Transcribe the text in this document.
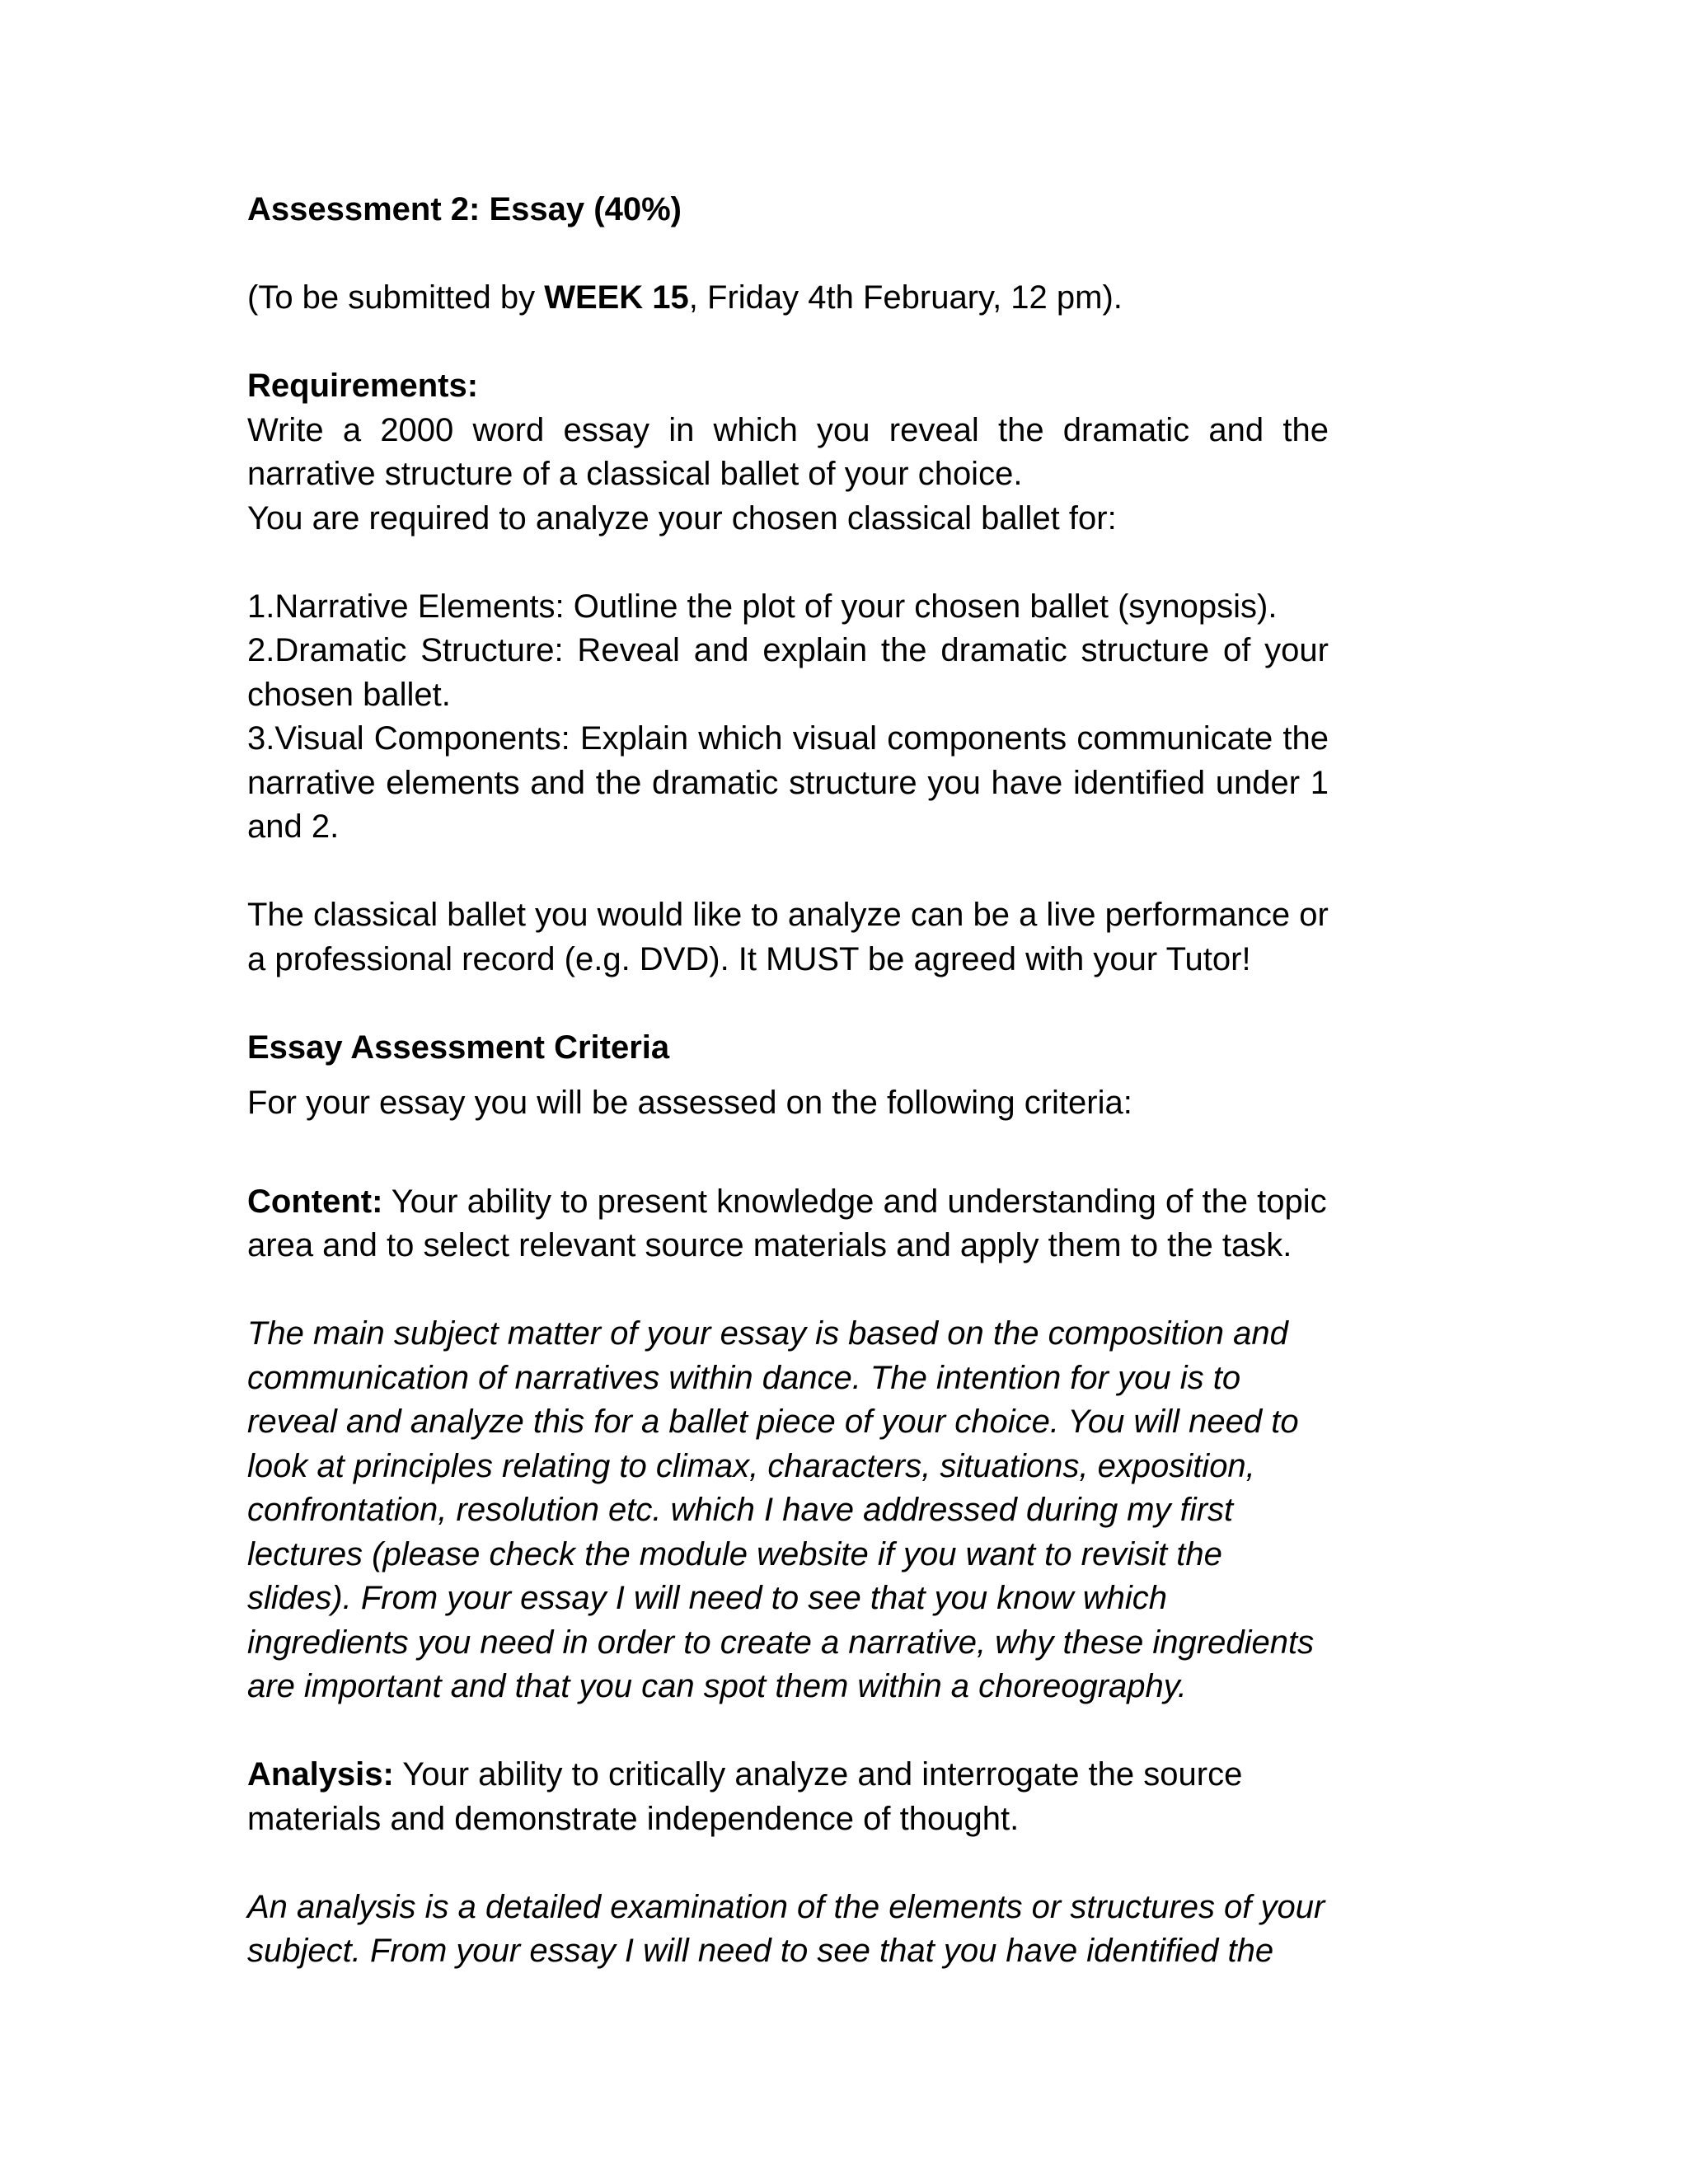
Assessment 2: Essay (40%)

(To be submitted by WEEK 15, Friday 4th February, 12 pm).

Requirements:

Write a 2000 word essay in which you reveal the dramatic and the narrative structure of a classical ballet of your choice.

You are required to analyze your chosen classical ballet for:

1.Narrative Elements: Outline the plot of your chosen ballet (synopsis).

2.Dramatic Structure: Reveal and explain the dramatic structure of your chosen ballet.

3.Visual Components: Explain which visual components communicate the narrative elements and the dramatic structure you have identified under 1 and 2.

The classical ballet you would like to analyze can be a live performance or a professional record (e.g. DVD). It MUST be agreed with your Tutor!

Essay Assessment Criteria

For your essay you will be assessed on the following criteria:

Content: Your ability to present knowledge and understanding of the topic area and to select relevant source materials and apply them to the task.

The main subject matter of your essay is based on the composition and

communication of narratives within dance. The intention for you is to

reveal and analyze this for a ballet piece of your choice. You will need to

look at principles relating to climax, characters, situations, exposition,

confrontation, resolution etc. which I have addressed during my first

lectures (please check the module website if you want to revisit the

slides). From your essay I will need to see that you know which

ingredients you need in order to create a narrative, why these ingredients

are important and that you can spot them within a choreography.

Analysis: Your ability to critically analyze and interrogate the source

materials and demonstrate independence of thought.

An analysis is a detailed examination of the elements or structures of your

subject. From your essay I will need to see that you have identified the
